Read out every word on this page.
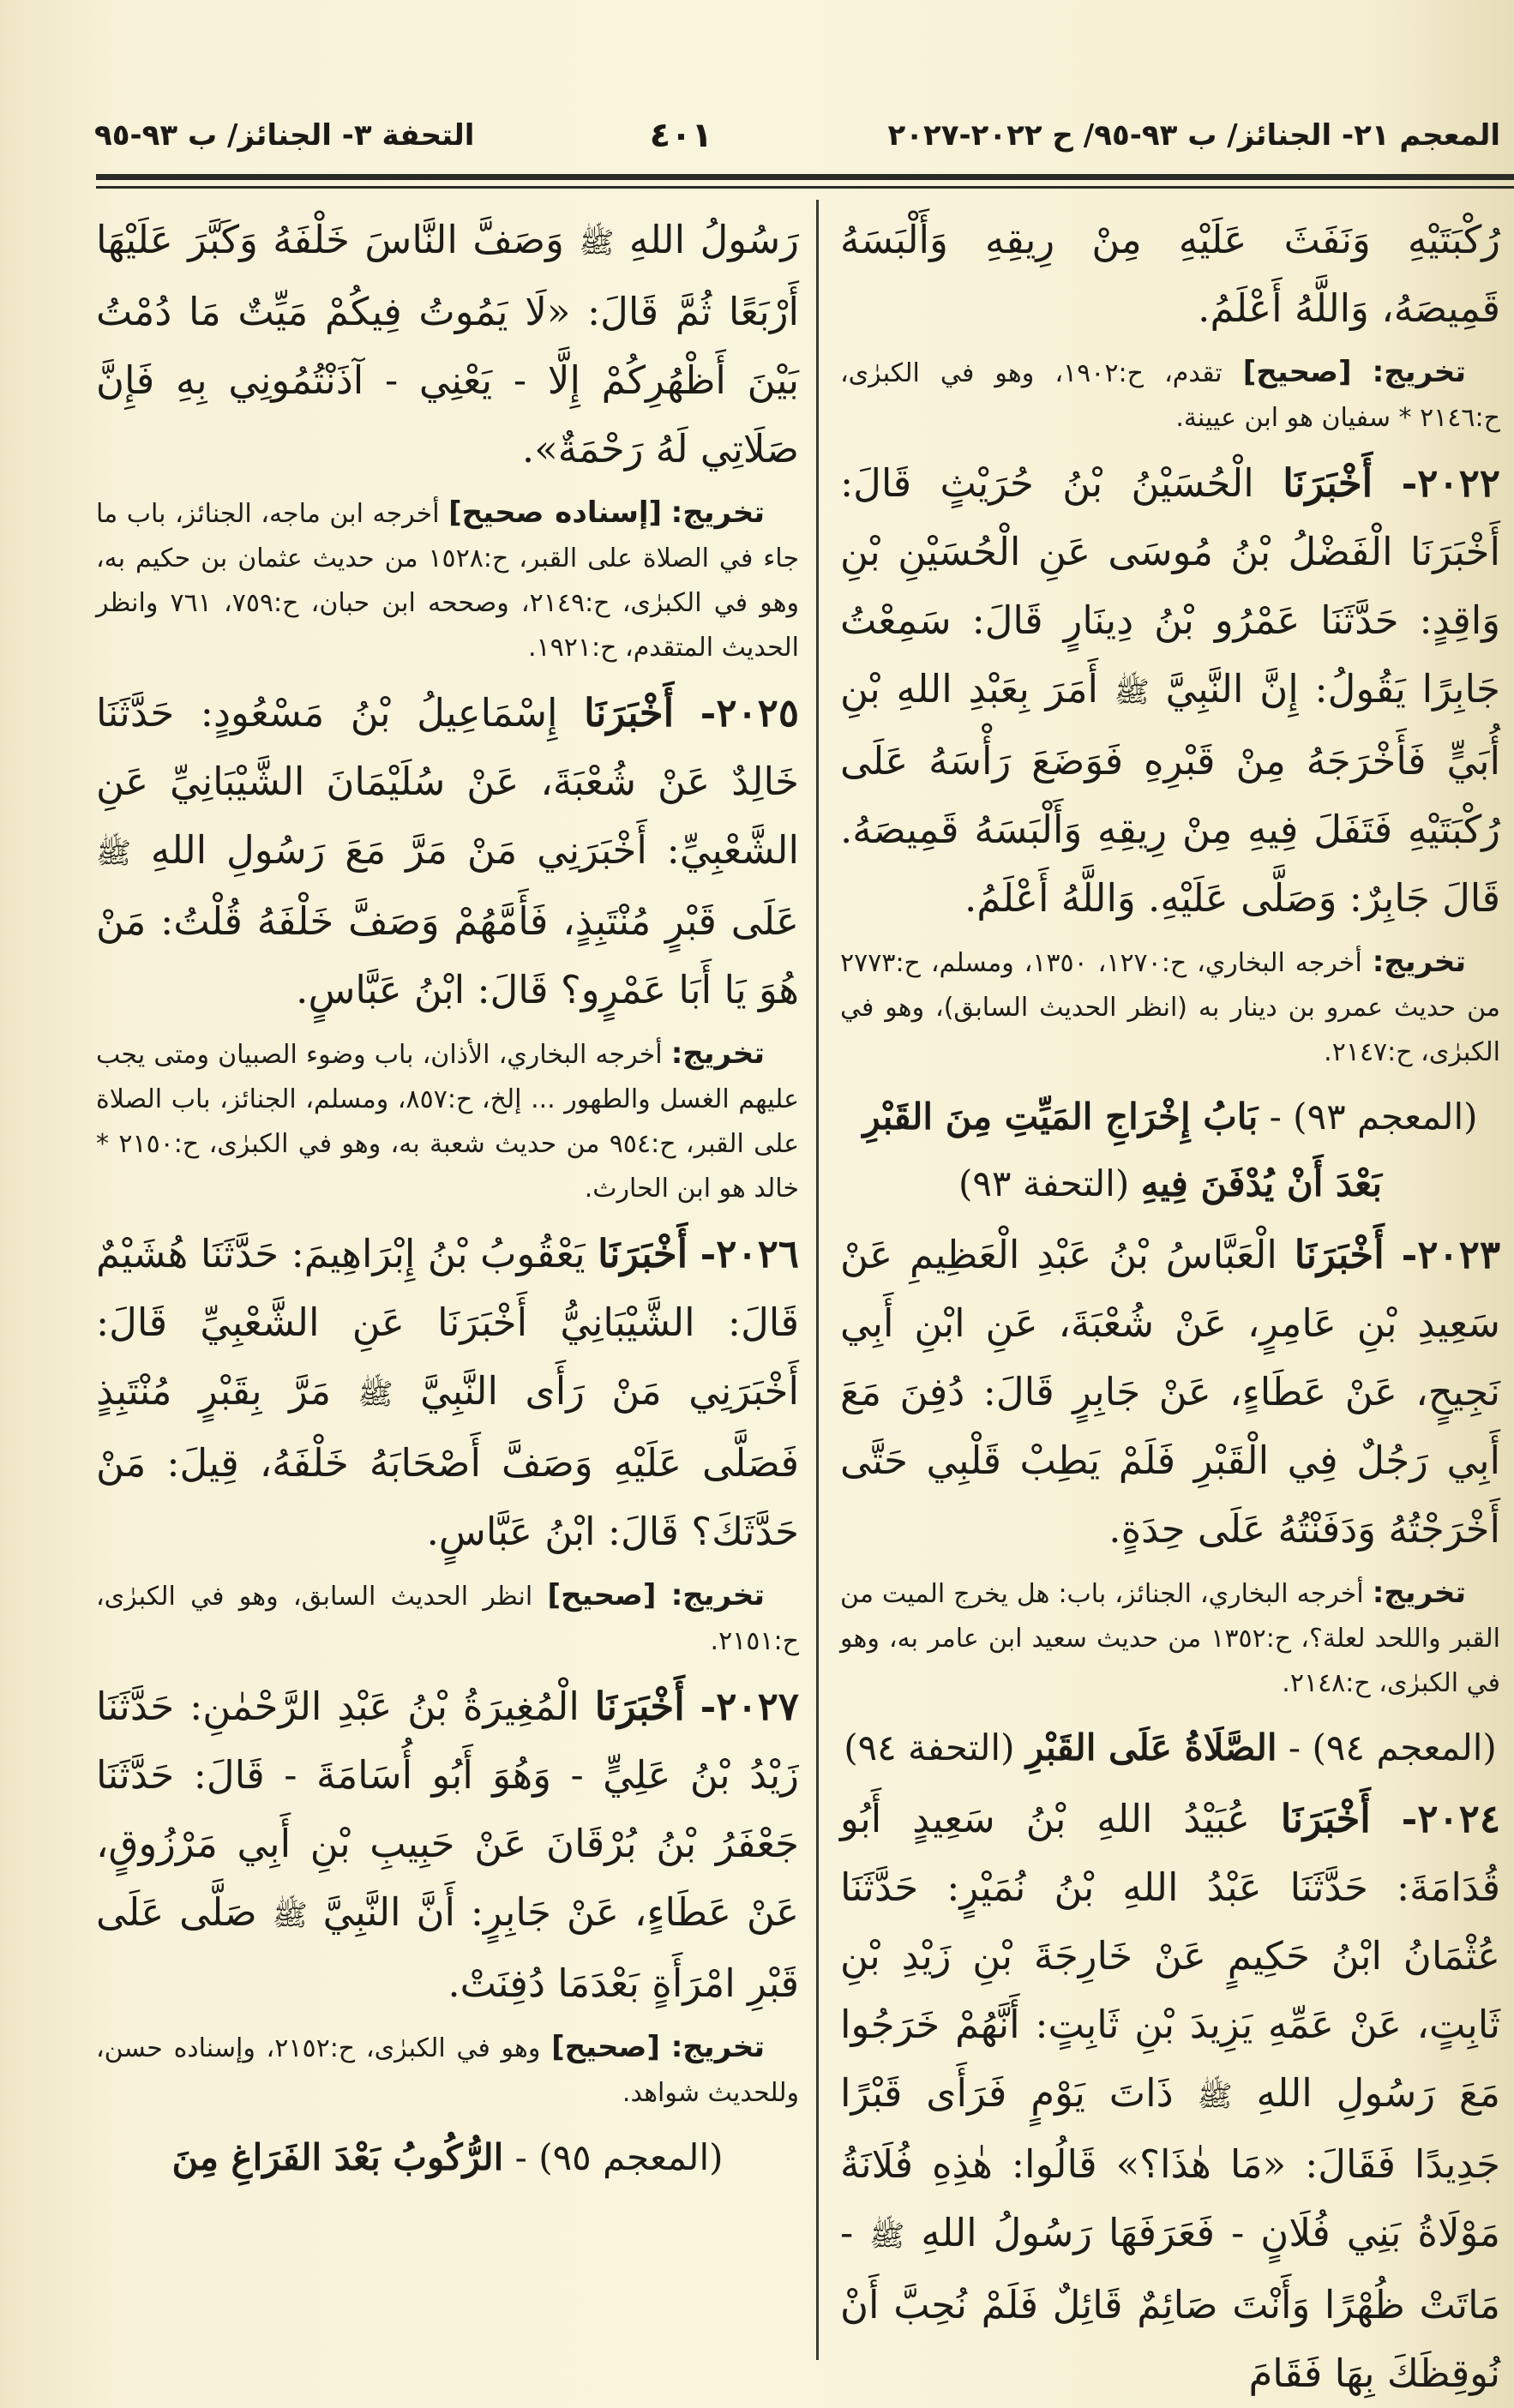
المعجم ٢١- الجنائز/ ب ٩٣-٩٥/ ح ٢٠٢٢-٢٠٢٧
٤٠١
التحفة ٣- الجنائز/ ب ٩٣-٩٥

رُكْبَتَيْهِ وَنَفَثَ عَلَيْهِ مِنْ رِيقِهِ وَأَلْبَسَهُ قَمِيصَهُ، وَاللَّهُ أَعْلَمُ.

تخريج: [صحيح] تقدم، ح:١٩٠٢، وهو في الكبرٰى، ح:٢١٤٦ * سفيان هو ابن عيينة.

٢٠٢٢- أَخْبَرَنَا الْحُسَيْنُ بْنُ حُرَيْثٍ قَالَ: أَخْبَرَنَا الْفَضْلُ بْنُ مُوسَى عَنِ الْحُسَيْنِ بْنِ وَاقِدٍ: حَدَّثَنَا عَمْرُو بْنُ دِينَارٍ قَالَ: سَمِعْتُ جَابِرًا يَقُولُ: إِنَّ النَّبِيَّ ﷺ أَمَرَ بِعَبْدِ اللهِ بْنِ أُبَيٍّ فَأَخْرَجَهُ مِنْ قَبْرِهِ فَوَضَعَ رَأْسَهُ عَلَى رُكْبَتَيْهِ فَتَفَلَ فِيهِ مِنْ رِيقِهِ وَأَلْبَسَهُ قَمِيصَهُ. قَالَ جَابِرٌ: وَصَلَّى عَلَيْهِ. وَاللَّهُ أَعْلَمُ.

تخريج: أخرجه البخاري، ح:١٢٧٠، ١٣٥٠، ومسلم، ح:٢٧٧٣ من حديث عمرو بن دينار به (انظر الحديث السابق)، وهو في الكبرٰى، ح:٢١٤٧.

(المعجم ٩٣) - بَابُ إِخْرَاجِ المَيِّتِ مِنَ القَبْرِ بَعْدَ أَنْ يُدْفَنَ فِيهِ (التحفة ٩٣)

٢٠٢٣- أَخْبَرَنَا الْعَبَّاسُ بْنُ عَبْدِ الْعَظِيمِ عَنْ سَعِيدِ بْنِ عَامِرٍ، عَنْ شُعْبَةَ، عَنِ ابْنِ أَبِي نَجِيحٍ، عَنْ عَطَاءٍ، عَنْ جَابِرٍ قَالَ: دُفِنَ مَعَ أَبِي رَجُلٌ فِي الْقَبْرِ فَلَمْ يَطِبْ قَلْبِي حَتَّى أَخْرَجْتُهُ وَدَفَنْتُهُ عَلَى حِدَةٍ.

تخريج: أخرجه البخاري، الجنائز، باب: هل يخرج الميت من القبر واللحد لعلة؟، ح:١٣٥٢ من حديث سعيد ابن عامر به، وهو في الكبرٰى، ح:٢١٤٨.

(المعجم ٩٤) - الصَّلَاةُ عَلَى القَبْرِ (التحفة ٩٤)

٢٠٢٤- أَخْبَرَنَا عُبَيْدُ اللهِ بْنُ سَعِيدٍ أَبُو قُدَامَةَ: حَدَّثَنَا عَبْدُ اللهِ بْنُ نُمَيْرٍ: حَدَّثَنَا عُثْمَانُ ابْنُ حَكِيمٍ عَنْ خَارِجَةَ بْنِ زَيْدِ بْنِ ثَابِتٍ، عَنْ عَمِّهِ يَزِيدَ بْنِ ثَابِتٍ: أَنَّهُمْ خَرَجُوا مَعَ رَسُولِ اللهِ ﷺ ذَاتَ يَوْمٍ فَرَأَى قَبْرًا جَدِيدًا فَقَالَ: «مَا هٰذَا؟» قَالُوا: هٰذِهِ فُلَانَةُ مَوْلَاةُ بَنِي فُلَانٍ - فَعَرَفَهَا رَسُولُ اللهِ ﷺ - مَاتَتْ ظُهْرًا وَأَنْتَ صَائِمٌ قَائِلٌ فَلَمْ نُحِبَّ أَنْ نُوقِظَكَ بِهَا فَقَامَ

رَسُولُ اللهِ ﷺ وَصَفَّ النَّاسَ خَلْفَهُ وَكَبَّرَ عَلَيْهَا أَرْبَعًا ثُمَّ قَالَ: «لَا يَمُوتُ فِيكُمْ مَيِّتٌ مَا دُمْتُ بَيْنَ أَظْهُرِكُمْ إِلَّا - يَعْنِي - آذَنْتُمُونِي بِهِ فَإِنَّ صَلَاتِي لَهُ رَحْمَةٌ».

تخريج: [إسناده صحيح] أخرجه ابن ماجه، الجنائز، باب ما جاء في الصلاة على القبر، ح:١٥٢٨ من حديث عثمان بن حكيم به، وهو في الكبرٰى، ح:٢١٤٩، وصححه ابن حبان، ح:٧٥٩، ٧٦١ وانظر الحديث المتقدم، ح:١٩٢١.

٢٠٢٥- أَخْبَرَنَا إِسْمَاعِيلُ بْنُ مَسْعُودٍ: حَدَّثَنَا خَالِدٌ عَنْ شُعْبَةَ، عَنْ سُلَيْمَانَ الشَّيْبَانِيِّ عَنِ الشَّعْبِيِّ: أَخْبَرَنِي مَنْ مَرَّ مَعَ رَسُولِ اللهِ ﷺ عَلَى قَبْرٍ مُنْتَبِذٍ، فَأَمَّهُمْ وَصَفَّ خَلْفَهُ قُلْتُ: مَنْ هُوَ يَا أَبَا عَمْرٍو؟ قَالَ: ابْنُ عَبَّاسٍ.

تخريج: أخرجه البخاري، الأذان، باب وضوء الصبيان ومتى يجب عليهم الغسل والطهور ... إلخ، ح:٨٥٧، ومسلم، الجنائز، باب الصلاة على القبر، ح:٩٥٤ من حديث شعبة به، وهو في الكبرٰى، ح:٢١٥٠ * خالد هو ابن الحارث.

٢٠٢٦- أَخْبَرَنَا يَعْقُوبُ بْنُ إِبْرَاهِيمَ: حَدَّثَنَا هُشَيْمٌ قَالَ: الشَّيْبَانِيُّ أَخْبَرَنَا عَنِ الشَّعْبِيِّ قَالَ: أَخْبَرَنِي مَنْ رَأَى النَّبِيَّ ﷺ مَرَّ بِقَبْرٍ مُنْتَبِذٍ فَصَلَّى عَلَيْهِ وَصَفَّ أَصْحَابَهُ خَلْفَهُ، قِيلَ: مَنْ حَدَّثَكَ؟ قَالَ: ابْنُ عَبَّاسٍ.

تخريج: [صحيح] انظر الحديث السابق، وهو في الكبرٰى، ح:٢١٥١.

٢٠٢٧- أَخْبَرَنَا الْمُغِيرَةُ بْنُ عَبْدِ الرَّحْمٰنِ: حَدَّثَنَا زَيْدُ بْنُ عَلِيٍّ - وَهُوَ أَبُو أُسَامَةَ - قَالَ: حَدَّثَنَا جَعْفَرُ بْنُ بُرْقَانَ عَنْ حَبِيبِ بْنِ أَبِي مَرْزُوقٍ، عَنْ عَطَاءٍ، عَنْ جَابِرٍ: أَنَّ النَّبِيَّ ﷺ صَلَّى عَلَى قَبْرِ امْرَأَةٍ بَعْدَمَا دُفِنَتْ.

تخريج: [صحيح] وهو في الكبرٰى، ح:٢١٥٢، وإسناده حسن، وللحديث شواهد.

(المعجم ٩٥) - الرُّكُوبُ بَعْدَ الفَرَاغِ مِنَ
